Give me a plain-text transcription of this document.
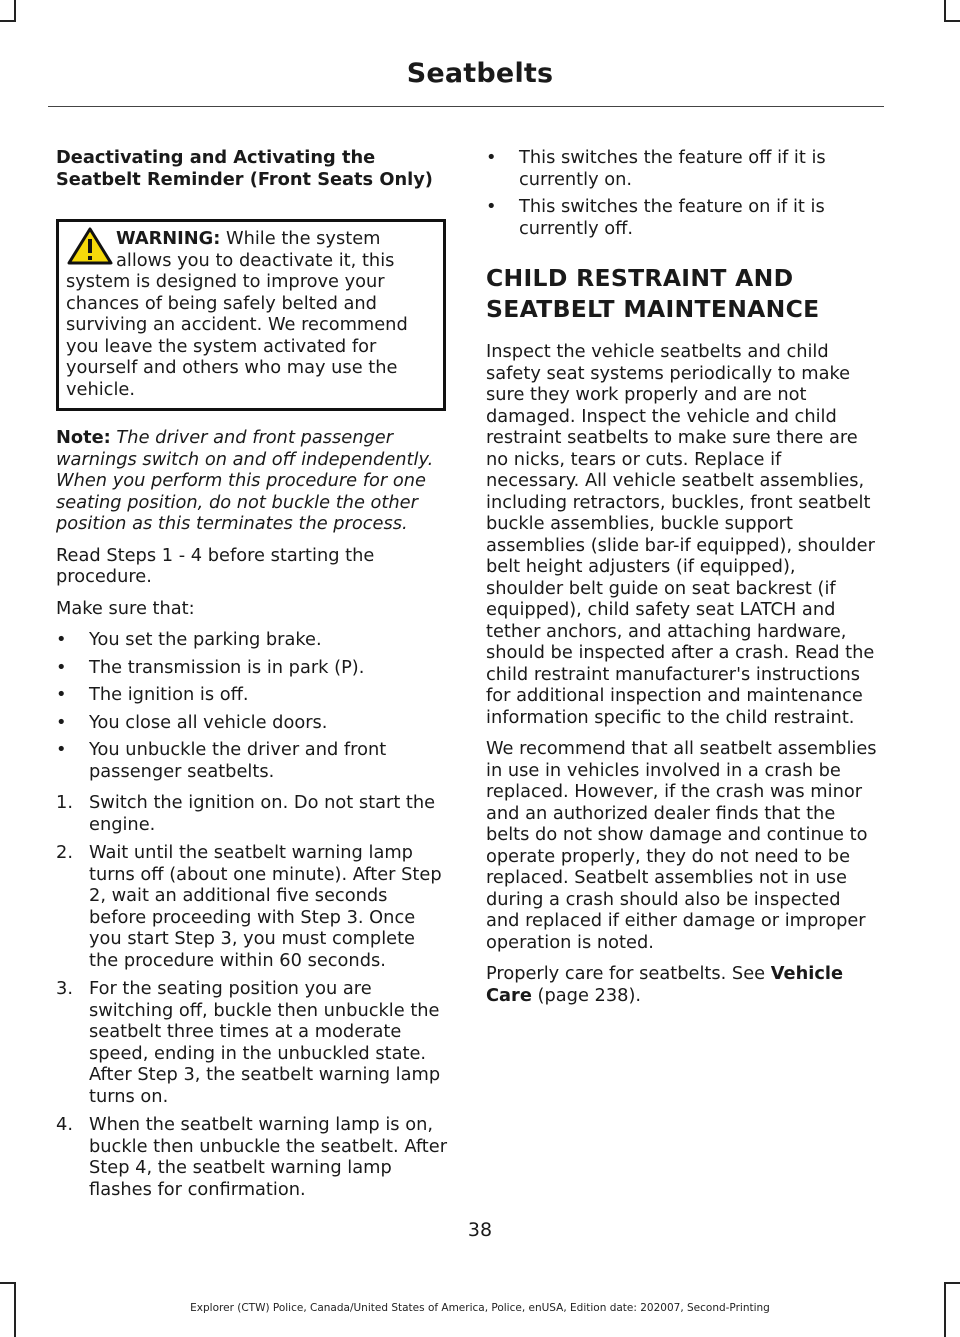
Seatbelts
Deactivating and Activating the Seatbelt Reminder (Front Seats Only)
WARNING: While the system allows you to deactivate it, this system is designed to improve your chances of being safely belted and surviving an accident. We recommend you leave the system activated for yourself and others who may use the vehicle.

Note: The driver and front passenger warnings switch on and off independently. When you perform this procedure for one seating position, do not buckle the other position as this terminates the process.

Read Steps 1 - 4 before starting the procedure.

Make sure that:

• You set the parking brake.
• The transmission is in park (P).
• The ignition is off.
• You close all vehicle doors.
• You unbuckle the driver and front passenger seatbelts.
1. Switch the ignition on. Do not start the engine.
2. Wait until the seatbelt warning lamp turns off (about one minute). After Step 2, wait an additional five seconds before proceeding with Step 3. Once you start Step 3, you must complete the procedure within 60 seconds.
3. For the seating position you are switching off, buckle then unbuckle the seatbelt three times at a moderate speed, ending in the unbuckled state. After Step 3, the seatbelt warning lamp turns on.
4. When the seatbelt warning lamp is on, buckle then unbuckle the seatbelt. After Step 4, the seatbelt warning lamp flashes for confirmation.
• This switches the feature off if it is currently on.
• This switches the feature on if it is currently off.
CHILD RESTRAINT AND
SEATBELT MAINTENANCE

Inspect the vehicle seatbelts and child safety seat systems periodically to make sure they work properly and are not damaged. Inspect the vehicle and child restraint seatbelts to make sure there are no nicks, tears or cuts. Replace if necessary. All vehicle seatbelt assemblies, including retractors, buckles, front seatbelt buckle assemblies, buckle support assemblies (slide bar-if equipped), shoulder belt height adjusters (if equipped), shoulder belt guide on seat backrest (if equipped), child safety seat LATCH and tether anchors, and attaching hardware, should be inspected after a crash. Read the child restraint manufacturer's instructions for additional inspection and maintenance information specific to the child restraint.

We recommend that all seatbelt assemblies in use in vehicles involved in a crash be replaced. However, if the crash was minor and an authorized dealer finds that the belts do not show damage and continue to operate properly, they do not need to be replaced. Seatbelt assemblies not in use during a crash should also be inspected and replaced if either damage or improper operation is noted.

Properly care for seatbelts. See Vehicle Care (page 238).

38
Explorer (CTW) Police, Canada/United States of America, Police, enUSA, Edition date: 202007, Second-Printing
